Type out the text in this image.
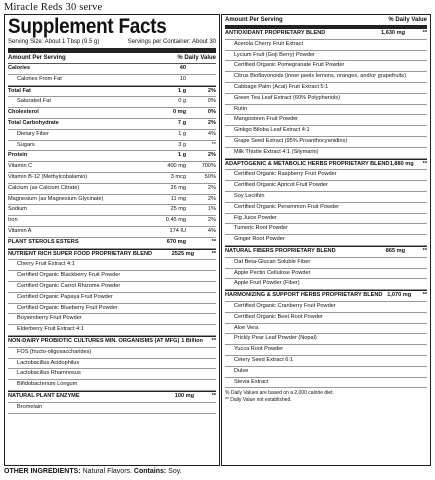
Miracle Reds 30 serve
Supplement Facts
Serving Size: About 1 Tbsp (9.5 g)	Servings per Container: About 30
Amount Per Serving	% Daily Value
Calories	40
Calories From Fat	10
Total Fat	1 g	2%
Saturated Fat	0 g	0%
Cholesterol	0 mg	0%
Total Carbohydrate	7 g	2%
Dietary Fiber	1 g	4%
Sugars	3 g	**
Protein	1 g	2%
Vitamin C	400 mg	700%
Vitamin B-12 (Methylcobalamin)	3 mcg	50%
Calcium (as Calcium Citrate)	26 mg	2%
Magnesium (as Magnesium Glycinate)	11 mg	2%
Sodium	25 mg	1%
Iron	0.45 mg	2%
Vitamin A	174 IU	4%
PLANT STEROLS ESTERS	670 mg	**
NUTRIENT RICH SUPER FOOD PROPRIETARY BLEND	2525 mg	**
Cherry Fruit Extract 4:1
Certified Organic Blackberry Fruit Powder
Certified Organic Carrot Rhizome Powder
Certified Organic Papaya Fruit Powder
Certified Organic Blueberry Fruit Powder
Boysenberry Fruit Powder
Elderberry Fruit Extract 4:1
NON-DAIRY PROBIOTIC CULTURES MIN. ORGANISMS (AT MFG) 1 Billion	**
FOS (fructo-oligosaccharides)
Lactobacillus Acidophilus
Lactobacillus Rhamnosus
Bifidobacterium Longum
NATURAL PLANT ENZYME	100 mg	**
Bromelain
Amount Per Serving	% Daily Value
ANTIOXIDANT PROPRIETARY BLEND	1,630 mg	**
Acerola Cherry Fruit Extract
Lycium Fruit (Goji Berry) Powder
Certified Organic Pomegranate Fruit Powder
Citrus Bioflavonoids (inner peels lemons, oranges, and/or grapefruits)
Cabbage Palm (Acai) Fruit Extract 5:1
Green Tea Leaf Extract (60% Polyphenols)
Rutin
Mangosteen Fruit Powder
Ginkgo Biloba Leaf Extract 4:1
Grape Seed Extract (95% Proanthocyanidins)
Milk Thistle Extract 4:1 (Silymarin)
ADAPTOGENIC & METABOLIC HERBS PROPRIETARY BLEND 1,880 mg	**
Certified Organic Raspberry Fruit Powder
Certified Organic Apricot Fruit Powder
Soy Lecithin
Certified Organic Persimmon Fruit Powder
Fig Juice Powder
Tumeric Root Powder
Ginger Root Powder
NATURAL FIBERS PROPRIETARY BLEND	865 mg	**
Oat Beta-Glucan Soluble Fiber
Apple Pectin Cellulose Powder
Apple Fruit Powder (Fiber)
HARMONIZING & SUPPORT HERBS PROPRIETARY BLEND 1,070 mg	**
Certified Organic Cranberry Fruit Powder
Certified Organic Beet Root Powder
Aloe Vera
Prickly Pear Leaf Powder (Nopal)
Yucca Root Powder
Celery Seed Extract 6:1
Dulse
Stevia Extract
% Daily Values are based on a 2,000 calorie diet.
** Daily Value not established.
OTHER INGREDIENTS: Natural Flavors. Contains: Soy.
